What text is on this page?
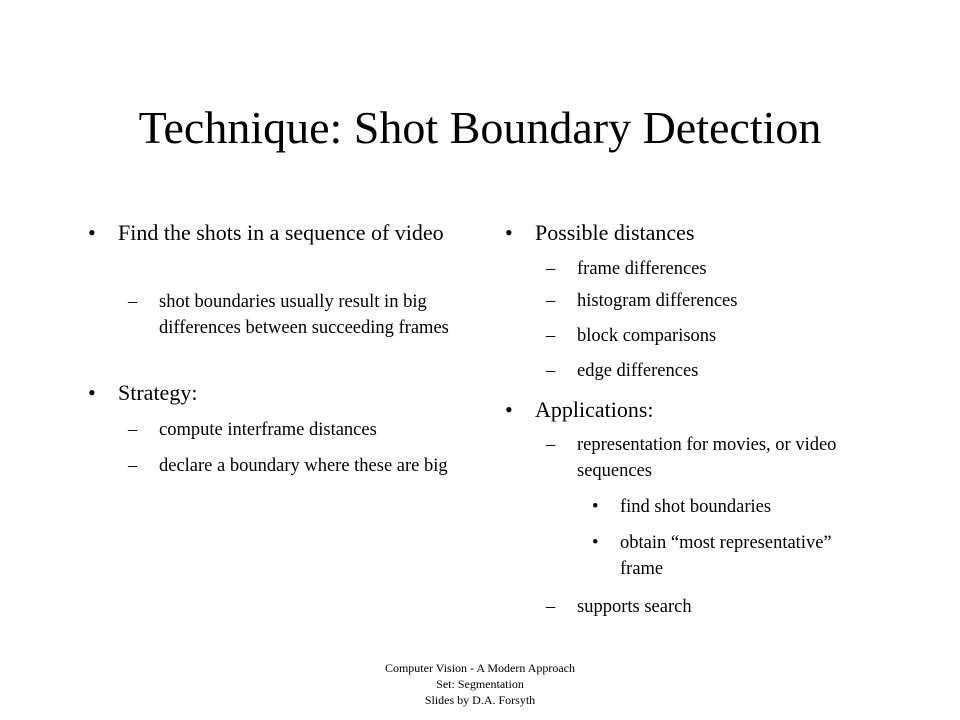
Technique: Shot Boundary Detection
• Find the shots in a sequence of video
– shot boundaries usually result in big differences between succeeding frames
• Strategy:
– compute interframe distances
– declare a boundary where these are big
• Possible distances
– frame differences
– histogram differences
– block comparisons
– edge differences
• Applications:
– representation for movies, or video sequences
• find shot boundaries
• obtain “most representative” frame
– supports search
Computer Vision - A Modern Approach
Set: Segmentation
Slides by D.A. Forsyth
